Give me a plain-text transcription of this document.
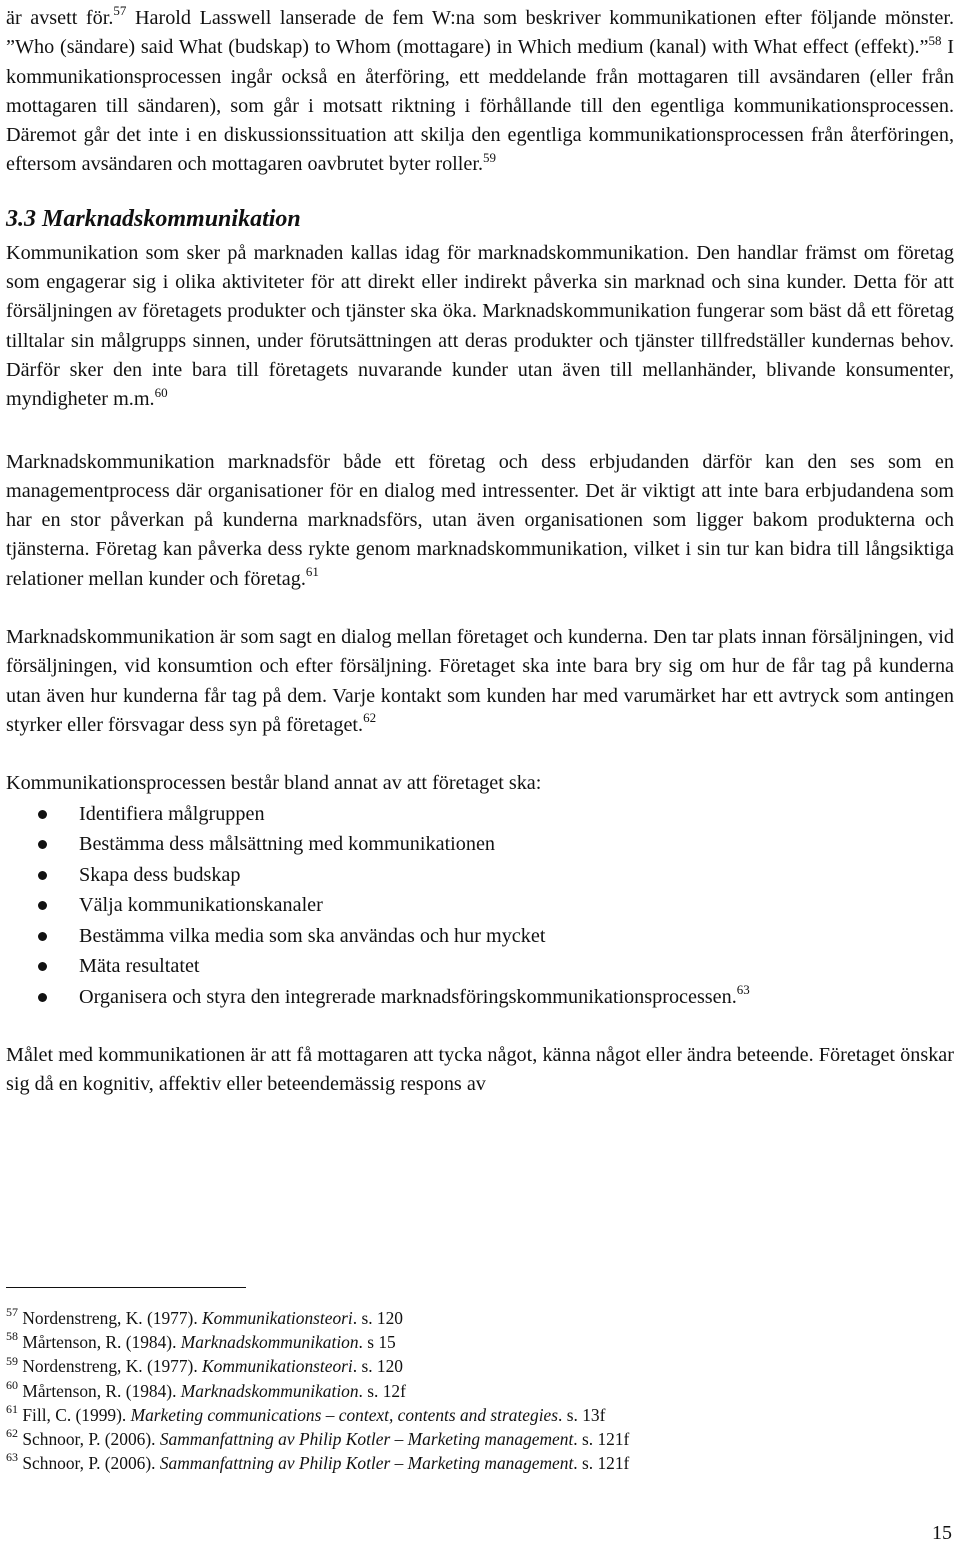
är avsett för.$^{57}$ Harold Lasswell lanserade de fem W:na som beskriver kommunikationen efter följande mönster. ”Who (sändare) said What (budskap) to Whom (mottagare) in Which medium (kanal) with What effect (effekt).”$^{58}$ I kommunikationsprocessen ingår också en återföring, ett meddelande från mottagaren till avsändaren (eller från mottagaren till sändaren), som går i motsatt riktning i förhållande till den egentliga kommunikationsprocessen. Däremot går det inte i en diskussionssituation att skilja den egentliga kommunikationsprocessen från återföringen, eftersom avsändaren och mottagaren oavbrutet byter roller.$^{59}$

3.3 Marknadskommunikation

Kommunikation som sker på marknaden kallas idag för marknadskommunikation. Den handlar främst om företag som engagerar sig i olika aktiviteter för att direkt eller indirekt påverka sin marknad och sina kunder. Detta för att försäljningen av företagets produkter och tjänster ska öka. Marknadskommunikation fungerar som bäst då ett företag tilltalar sin målgrupps sinnen, under förutsättningen att deras produkter och tjänster tillfredställer kundernas behov. Därför sker den inte bara till företagets nuvarande kunder utan även till mellanhänder, blivande konsumenter, myndigheter m.m.$^{60}$

Marknadskommunikation marknadsför både ett företag och dess erbjudanden därför kan den ses som en managementprocess där organisationer för en dialog med intressenter. Det är viktigt att inte bara erbjudandena som har en stor påverkan på kunderna marknadsförs, utan även organisationen som ligger bakom produkterna och tjänsterna. Företag kan påverka dess rykte genom marknadskommunikation, vilket i sin tur kan bidra till långsiktiga relationer mellan kunder och företag.$^{61}$

Marknadskommunikation är som sagt en dialog mellan företaget och kunderna. Den tar plats innan försäljningen, vid försäljningen, vid konsumtion och efter försäljning. Företaget ska inte bara bry sig om hur de får tag på kunderna utan även hur kunderna får tag på dem. Varje kontakt som kunden har med varumärket har ett avtryck som antingen styrker eller försvagar dess syn på företaget.$^{62}$

Kommunikationsprocessen består bland annat av att företaget ska:

Identifiera målgruppen
Bestämma dess målsättning med kommunikationen
Skapa dess budskap
Välja kommunikationskanaler
Bestämma vilka media som ska användas och hur mycket
Mäta resultatet
Organisera och styra den integrerade marknadsföringskommunikationsprocessen.$^{63}$

Målet med kommunikationen är att få mottagaren att tycka något, känna något eller ändra beteende. Företaget önskar sig då en kognitiv, affektiv eller beteendemässig respons av

$^{57}$ Nordenstreng, K. (1977). Kommunikationsteori. s. 120
$^{58}$ Mårtenson, R. (1984). Marknadskommunikation. s 15
$^{59}$ Nordenstreng, K. (1977). Kommunikationsteori. s. 120
$^{60}$ Mårtenson, R. (1984). Marknadskommunikation. s. 12f
$^{61}$ Fill, C. (1999). Marketing communications – context, contents and strategies. s. 13f
$^{62}$ Schnoor, P. (2006). Sammanfattning av Philip Kotler – Marketing management. s. 121f
$^{63}$ Schnoor, P. (2006). Sammanfattning av Philip Kotler – Marketing management. s. 121f
15
